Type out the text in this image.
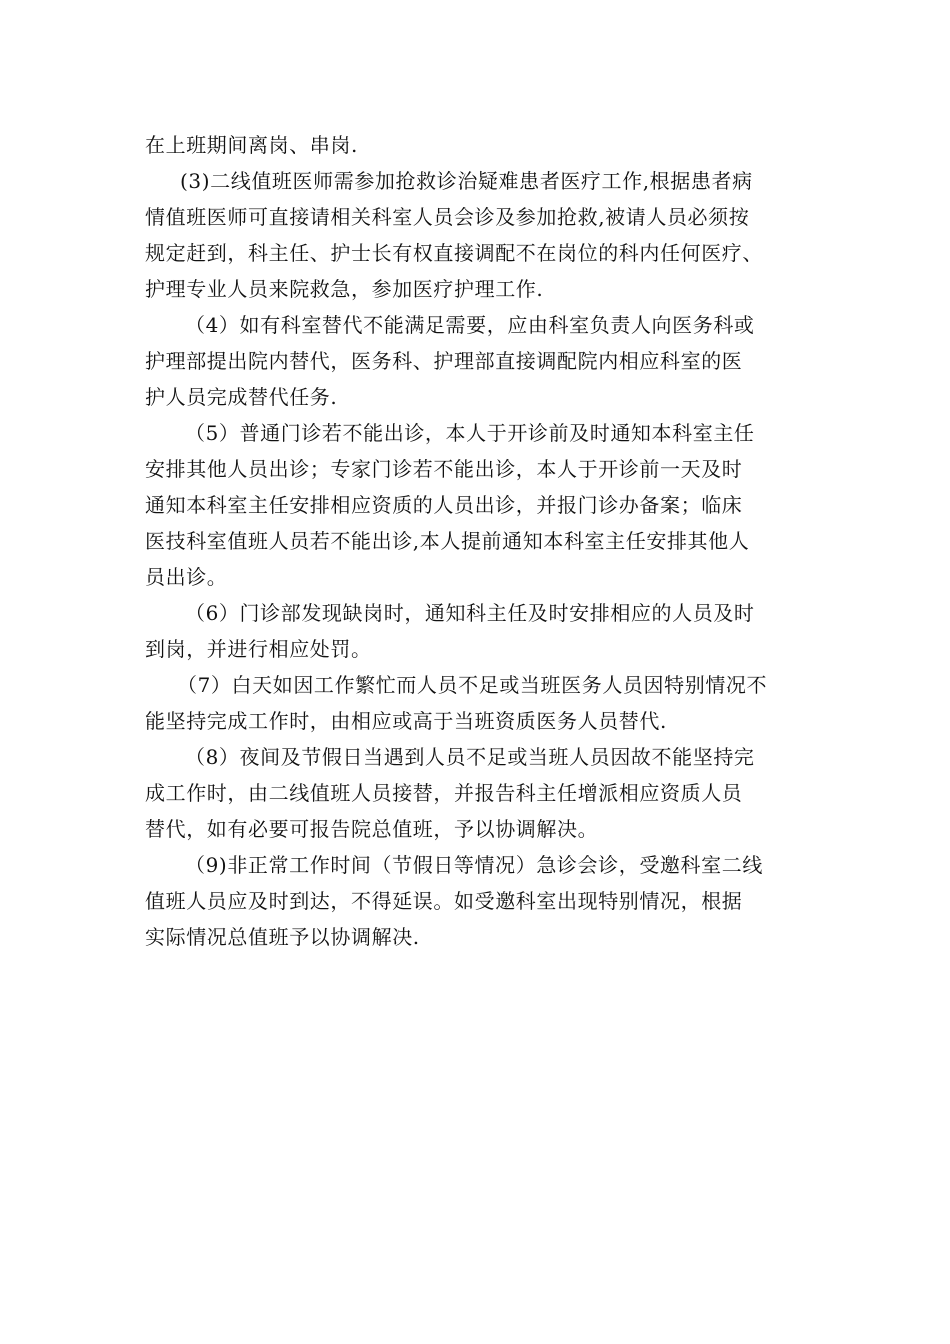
在上班期间离岗、串岗.
(3)二线值班医师需参加抢救诊治疑难患者医疗工作,根据患者病
情值班医师可直接请相关科室人员会诊及参加抢救,被请人员必须按
规定赶到，科主任、护士长有权直接调配不在岗位的科内任何医疗、
护理专业人员来院救急，参加医疗护理工作.
（4）如有科室替代不能满足需要，应由科室负责人向医务科或
护理部提出院内替代，医务科、护理部直接调配院内相应科室的医
护人员完成替代任务.
（5）普通门诊若不能出诊，本人于开诊前及时通知本科室主任
安排其他人员出诊；专家门诊若不能出诊，本人于开诊前一天及时
通知本科室主任安排相应资质的人员出诊，并报门诊办备案；临床
医技科室值班人员若不能出诊,本人提前通知本科室主任安排其他人
员出诊。
（6）门诊部发现缺岗时，通知科主任及时安排相应的人员及时
到岗，并进行相应处罚。
（7）白天如因工作繁忙而人员不足或当班医务人员因特别情况不
能坚持完成工作时，由相应或高于当班资质医务人员替代.
（8）夜间及节假日当遇到人员不足或当班人员因故不能坚持完
成工作时，由二线值班人员接替，并报告科主任增派相应资质人员
替代，如有必要可报告院总值班，予以协调解决。
（9)非正常工作时间（节假日等情况）急诊会诊，受邀科室二线
值班人员应及时到达，不得延误。如受邀科室出现特别情况，根据
实际情况总值班予以协调解决.
